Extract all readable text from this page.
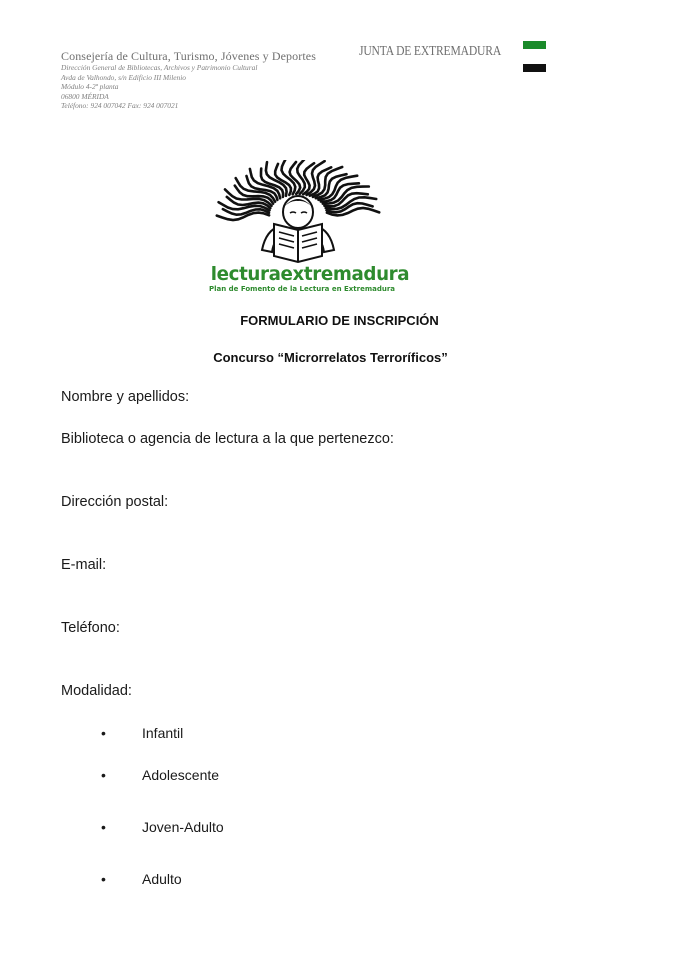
Consejería de Cultura, Turismo, Jóvenes y Deportes
Dirección General de Bibliotecas, Archivos y Patrimonio Cultural
Avda de Valhondo, s/n Edificio III Milenio
Módulo 4-2ª planta
06800 MÉRIDA
Teléfono: 924 007042 Fax: 924 007021
JUNTA DE EXTREMADURA
lecturaextremadura
Plan de Fomento de la Lectura en Extremadura
FORMULARIO DE INSCRIPCIÓN
Concurso “Microrrelatos Terroríficos”
Nombre y apellidos:
Biblioteca o agencia de lectura a la que pertenezco:
Dirección postal:
E-mail:
Teléfono:
Modalidad:
•	Infantil
•	Adolescente
•	Joven-Adulto
•	Adulto
